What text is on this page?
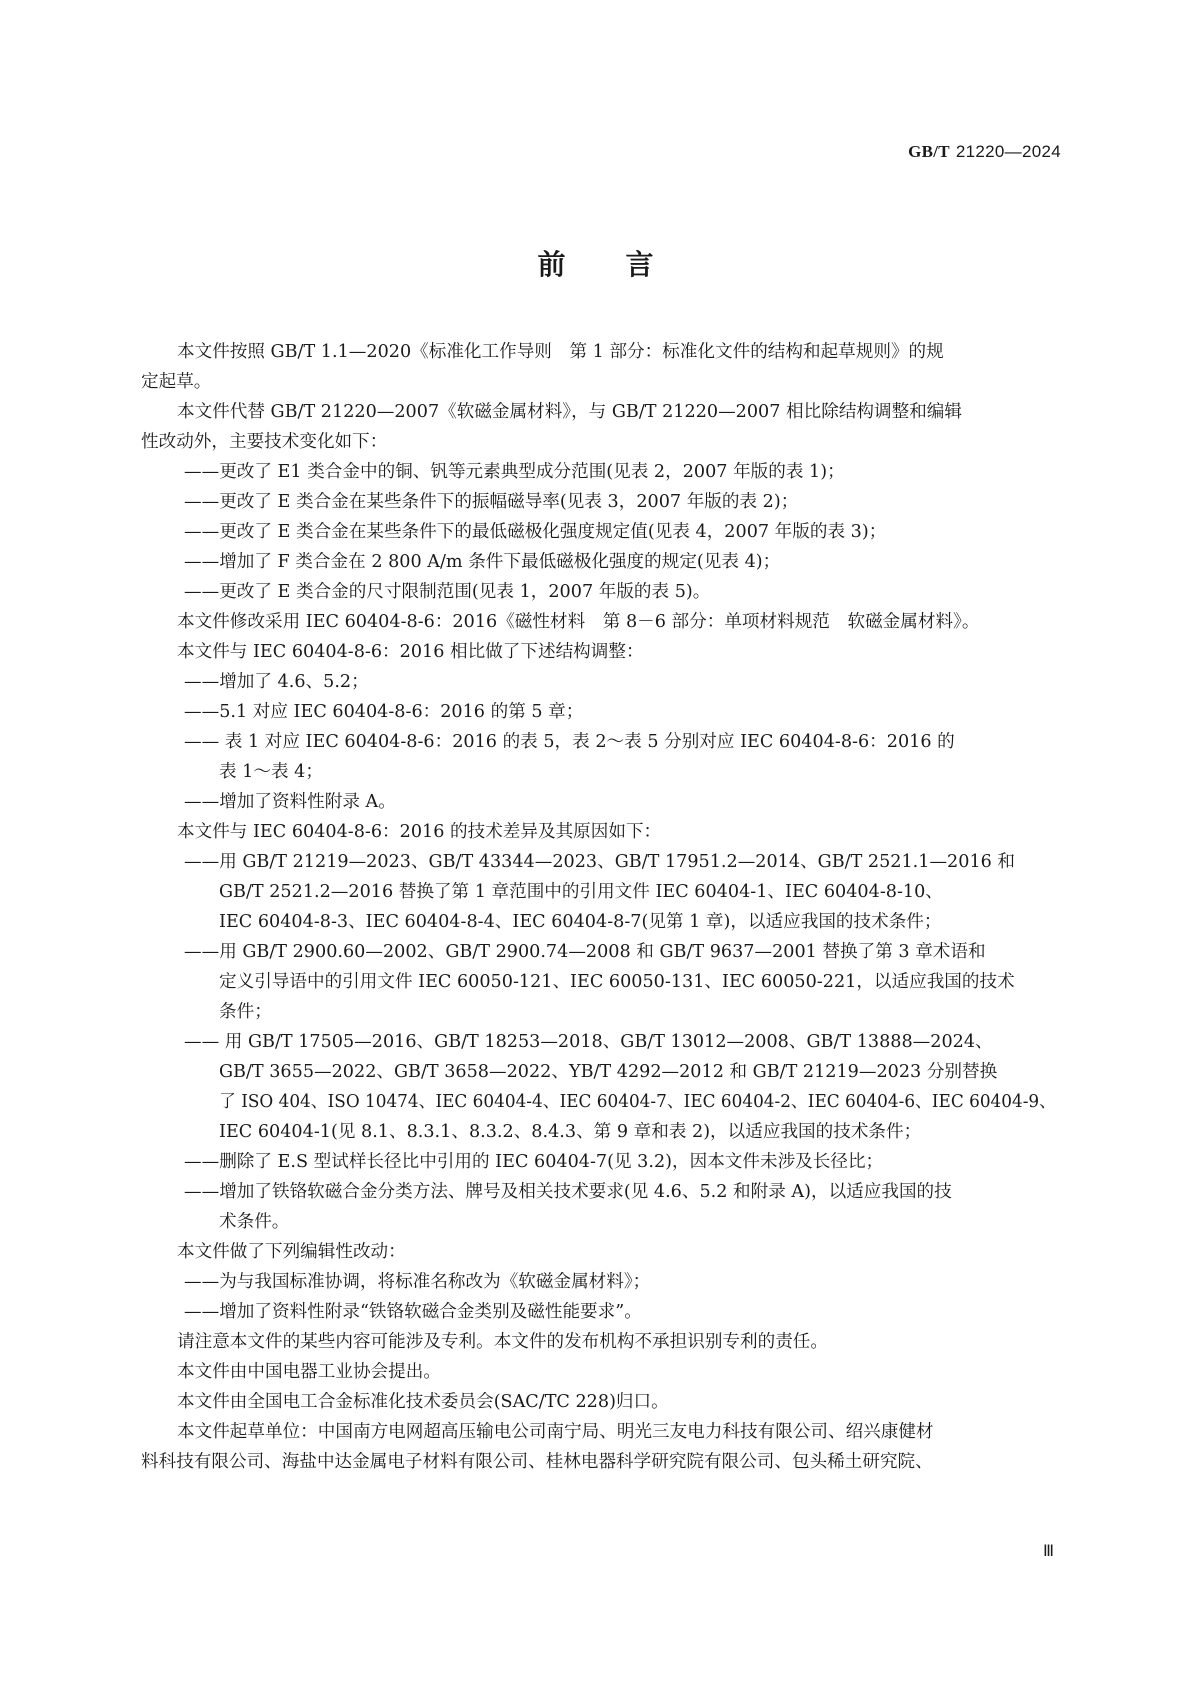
GB/T 21220—2024
前言
本文件按照 GB/T 1.1—2020《标准化工作导则　第 1 部分：标准化文件的结构和起草规则》的规
定起草。
本文件代替 GB/T 21220—2007《软磁金属材料》，与 GB/T 21220—2007 相比除结构调整和编辑
性改动外，主要技术变化如下：
——更改了 E1 类合金中的铜、钒等元素典型成分范围(见表 2，2007 年版的表 1)；
——更改了 E 类合金在某些条件下的振幅磁导率(见表 3，2007 年版的表 2)；
——更改了 E 类合金在某些条件下的最低磁极化强度规定值(见表 4，2007 年版的表 3)；
——增加了 F 类合金在 2 800 A/m 条件下最低磁极化强度的规定(见表 4)；
——更改了 E 类合金的尺寸限制范围(见表 1，2007 年版的表 5)。
本文件修改采用 IEC 60404-8-6：2016《磁性材料　第 8－6 部分：单项材料规范　软磁金属材料》。
本文件与 IEC 60404-8-6：2016 相比做了下述结构调整：
——增加了 4.6、5.2；
——5.1 对应 IEC 60404-8-6：2016 的第 5 章；
—— 表 1 对应 IEC 60404-8-6：2016 的表 5，表 2～表 5 分别对应 IEC 60404-8-6：2016 的
表 1～表 4；
——增加了资料性附录 A。
本文件与 IEC 60404-8-6：2016 的技术差异及其原因如下：
——用 GB/T 21219—2023、GB/T 43344—2023、GB/T 17951.2—2014、GB/T 2521.1—2016 和
GB/T 2521.2—2016 替换了第 1 章范围中的引用文件 IEC 60404-1、IEC 60404-8-10、
IEC 60404-8-3、IEC 60404-8-4、IEC 60404-8-7(见第 1 章)，以适应我国的技术条件；
——用 GB/T 2900.60—2002、GB/T 2900.74—2008 和 GB/T 9637—2001 替换了第 3 章术语和
定义引导语中的引用文件 IEC 60050-121、IEC 60050-131、IEC 60050-221，以适应我国的技术
条件；
—— 用 GB/T 17505—2016、GB/T 18253—2018、GB/T 13012—2008、GB/T 13888—2024、
GB/T 3655—2022、GB/T 3658—2022、YB/T 4292—2012 和 GB/T 21219—2023 分别替换
了 ISO 404、ISO 10474、IEC 60404-4、IEC 60404-7、IEC 60404-2、IEC 60404-6、IEC 60404-9、
IEC 60404-1(见 8.1、8.3.1、8.3.2、8.4.3、第 9 章和表 2)，以适应我国的技术条件；
——删除了 E.S 型试样长径比中引用的 IEC 60404-7(见 3.2)，因本文件未涉及长径比；
——增加了铁铬软磁合金分类方法、牌号及相关技术要求(见 4.6、5.2 和附录 A)，以适应我国的技
术条件。
本文件做了下列编辑性改动：
——为与我国标准协调，将标准名称改为《软磁金属材料》；
——增加了资料性附录“铁铬软磁合金类别及磁性能要求”。
请注意本文件的某些内容可能涉及专利。本文件的发布机构不承担识别专利的责任。
本文件由中国电器工业协会提出。
本文件由全国电工合金标准化技术委员会(SAC/TC 228)归口。
本文件起草单位：中国南方电网超高压输电公司南宁局、明光三友电力科技有限公司、绍兴康健材
料科技有限公司、海盐中达金属电子材料有限公司、桂林电器科学研究院有限公司、包头稀土研究院、
Ⅲ
